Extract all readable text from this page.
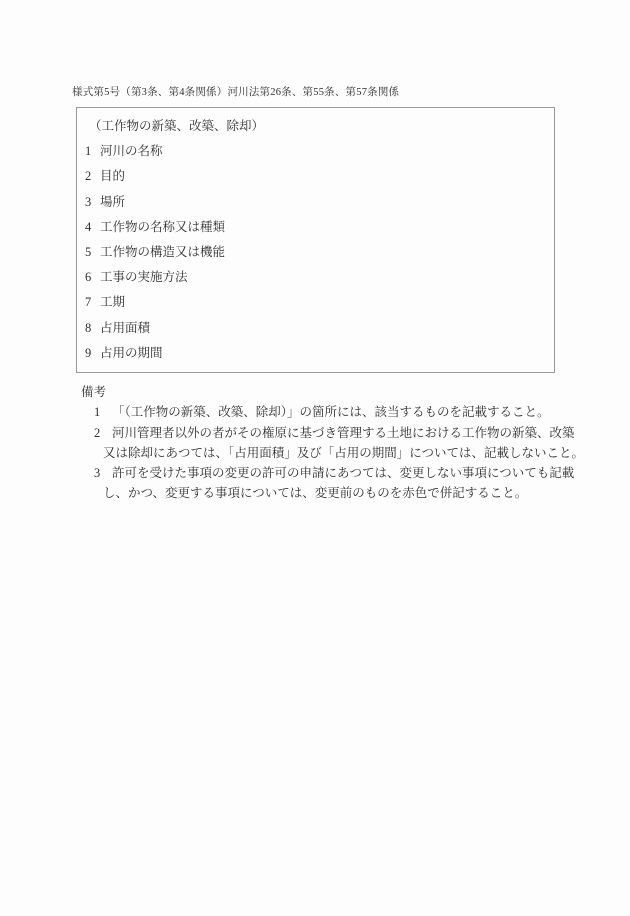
様式第5号（第3条、第4条関係）河川法第26条、第55条、第57条関係
（工作物の新築、改築、除却）
1 河川の名称
2 目的
3 場所
4 工作物の名称又は種類
5 工作物の構造又は機能
6 工事の実施方法
7 工期
8 占用面積
9 占用の期間
備考
1 「（工作物の新築、改築、除却）」の箇所には、該当するものを記載すること。
2 河川管理者以外の者がその権原に基づき管理する土地における工作物の新築、改築
又は除却にあつては、「占用面積」及び「占用の期間」については、記載しないこと。
3 許可を受けた事項の変更の許可の申請にあつては、変更しない事項についても記載
し、かつ、変更する事項については、変更前のものを赤色で併記すること。
